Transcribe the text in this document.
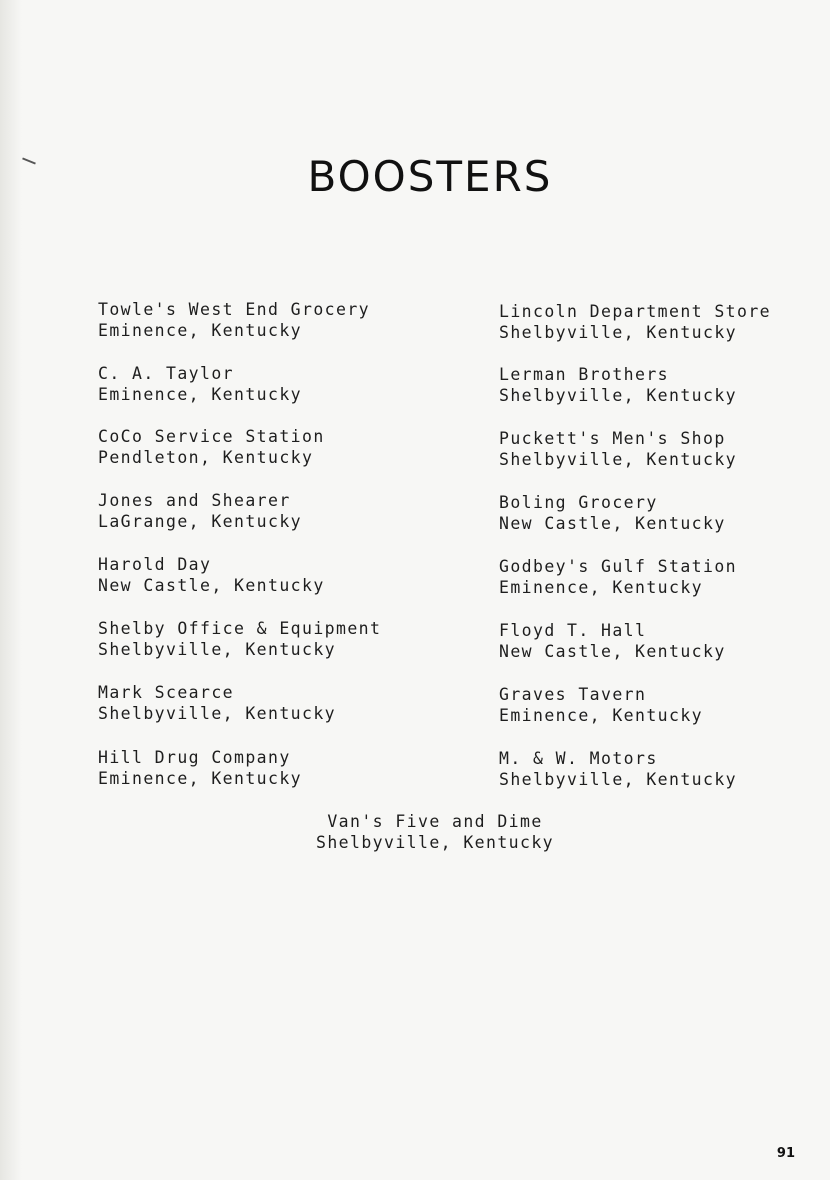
BOOSTERS
Towle's West End Grocery
Eminence, Kentucky
C. A. Taylor
Eminence, Kentucky
CoCo Service Station
Pendleton, Kentucky
Jones and Shearer
LaGrange, Kentucky
Harold Day
New Castle, Kentucky
Shelby Office & Equipment
Shelbyville, Kentucky
Mark Scearce
Shelbyville, Kentucky
Hill Drug Company
Eminence, Kentucky
Lincoln Department Store
Shelbyville, Kentucky
Lerman Brothers
Shelbyville, Kentucky
Puckett's Men's Shop
Shelbyville, Kentucky
Boling Grocery
New Castle, Kentucky
Godbey's Gulf Station
Eminence, Kentucky
Floyd T. Hall
New Castle, Kentucky
Graves Tavern
Eminence, Kentucky
M. & W. Motors
Shelbyville, Kentucky
Van's Five and Dime
Shelbyville, Kentucky
91
